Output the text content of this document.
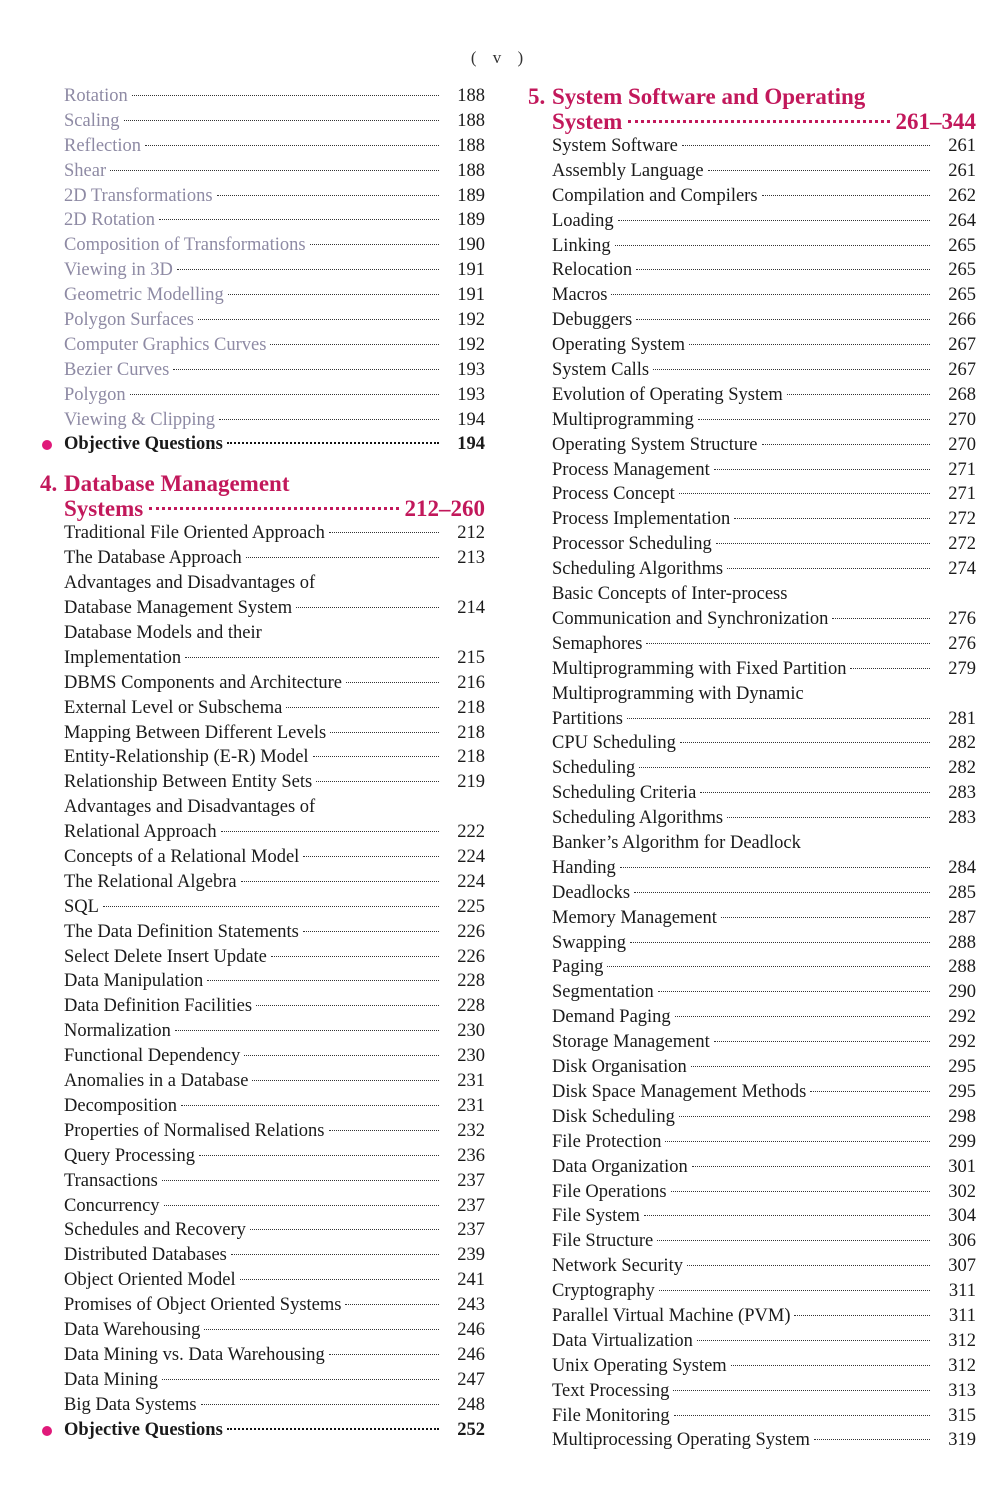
( v )
Rotation	188
Scaling	188
Reflection	188
Shear	188
2D Transformations	189
2D Rotation	189
Composition of Transformations	190
Viewing in 3D	191
Geometric Modelling	191
Polygon Surfaces	192
Computer Graphics Curves	192
Bezier Curves	193
Polygon	193
Viewing & Clipping	194
Objective Questions	194
4. Database Management
Systems	212–260
Traditional File Oriented Approach	212
The Database Approach	213
Advantages and Disadvantages of
Database Management System	214
Database Models and their
Implementation	215
DBMS Components and Architecture	216
External Level or Subschema	218
Mapping Between Different Levels	218
Entity-Relationship (E-R) Model	218
Relationship Between Entity Sets	219
Advantages and Disadvantages of
Relational Approach	222
Concepts of a Relational Model	224
The Relational Algebra	224
SQL	225
The Data Definition Statements	226
Select Delete Insert Update	226
Data Manipulation	228
Data Definition Facilities	228
Normalization	230
Functional Dependency	230
Anomalies in a Database	231
Decomposition	231
Properties of Normalised Relations	232
Query Processing	236
Transactions	237
Concurrency	237
Schedules and Recovery	237
Distributed Databases	239
Object Oriented Model	241
Promises of Object Oriented Systems	243
Data Warehousing	246
Data Mining vs. Data Warehousing	246
Data Mining	247
Big Data Systems	248
Objective Questions	252
5. System Software and Operating
System	261–344
System Software	261
Assembly Language	261
Compilation and Compilers	262
Loading	264
Linking	265
Relocation	265
Macros	265
Debuggers	266
Operating System	267
System Calls	267
Evolution of Operating System	268
Multiprogramming	270
Operating System Structure	270
Process Management	271
Process Concept	271
Process Implementation	272
Processor Scheduling	272
Scheduling Algorithms	274
Basic Concepts of Inter-process
Communication and Synchronization	276
Semaphores	276
Multiprogramming with Fixed Partition	279
Multiprogramming with Dynamic
Partitions	281
CPU Scheduling	282
Scheduling	282
Scheduling Criteria	283
Scheduling Algorithms	283
Banker’s Algorithm for Deadlock
Handing	284
Deadlocks	285
Memory Management	287
Swapping	288
Paging	288
Segmentation	290
Demand Paging	292
Storage Management	292
Disk Organisation	295
Disk Space Management Methods	295
Disk Scheduling	298
File Protection	299
Data Organization	301
File Operations	302
File System	304
File Structure	306
Network Security	307
Cryptography	311
Parallel Virtual Machine (PVM)	311
Data Virtualization	312
Unix Operating System	312
Text Processing	313
File Monitoring	315
Multiprocessing Operating System	319
